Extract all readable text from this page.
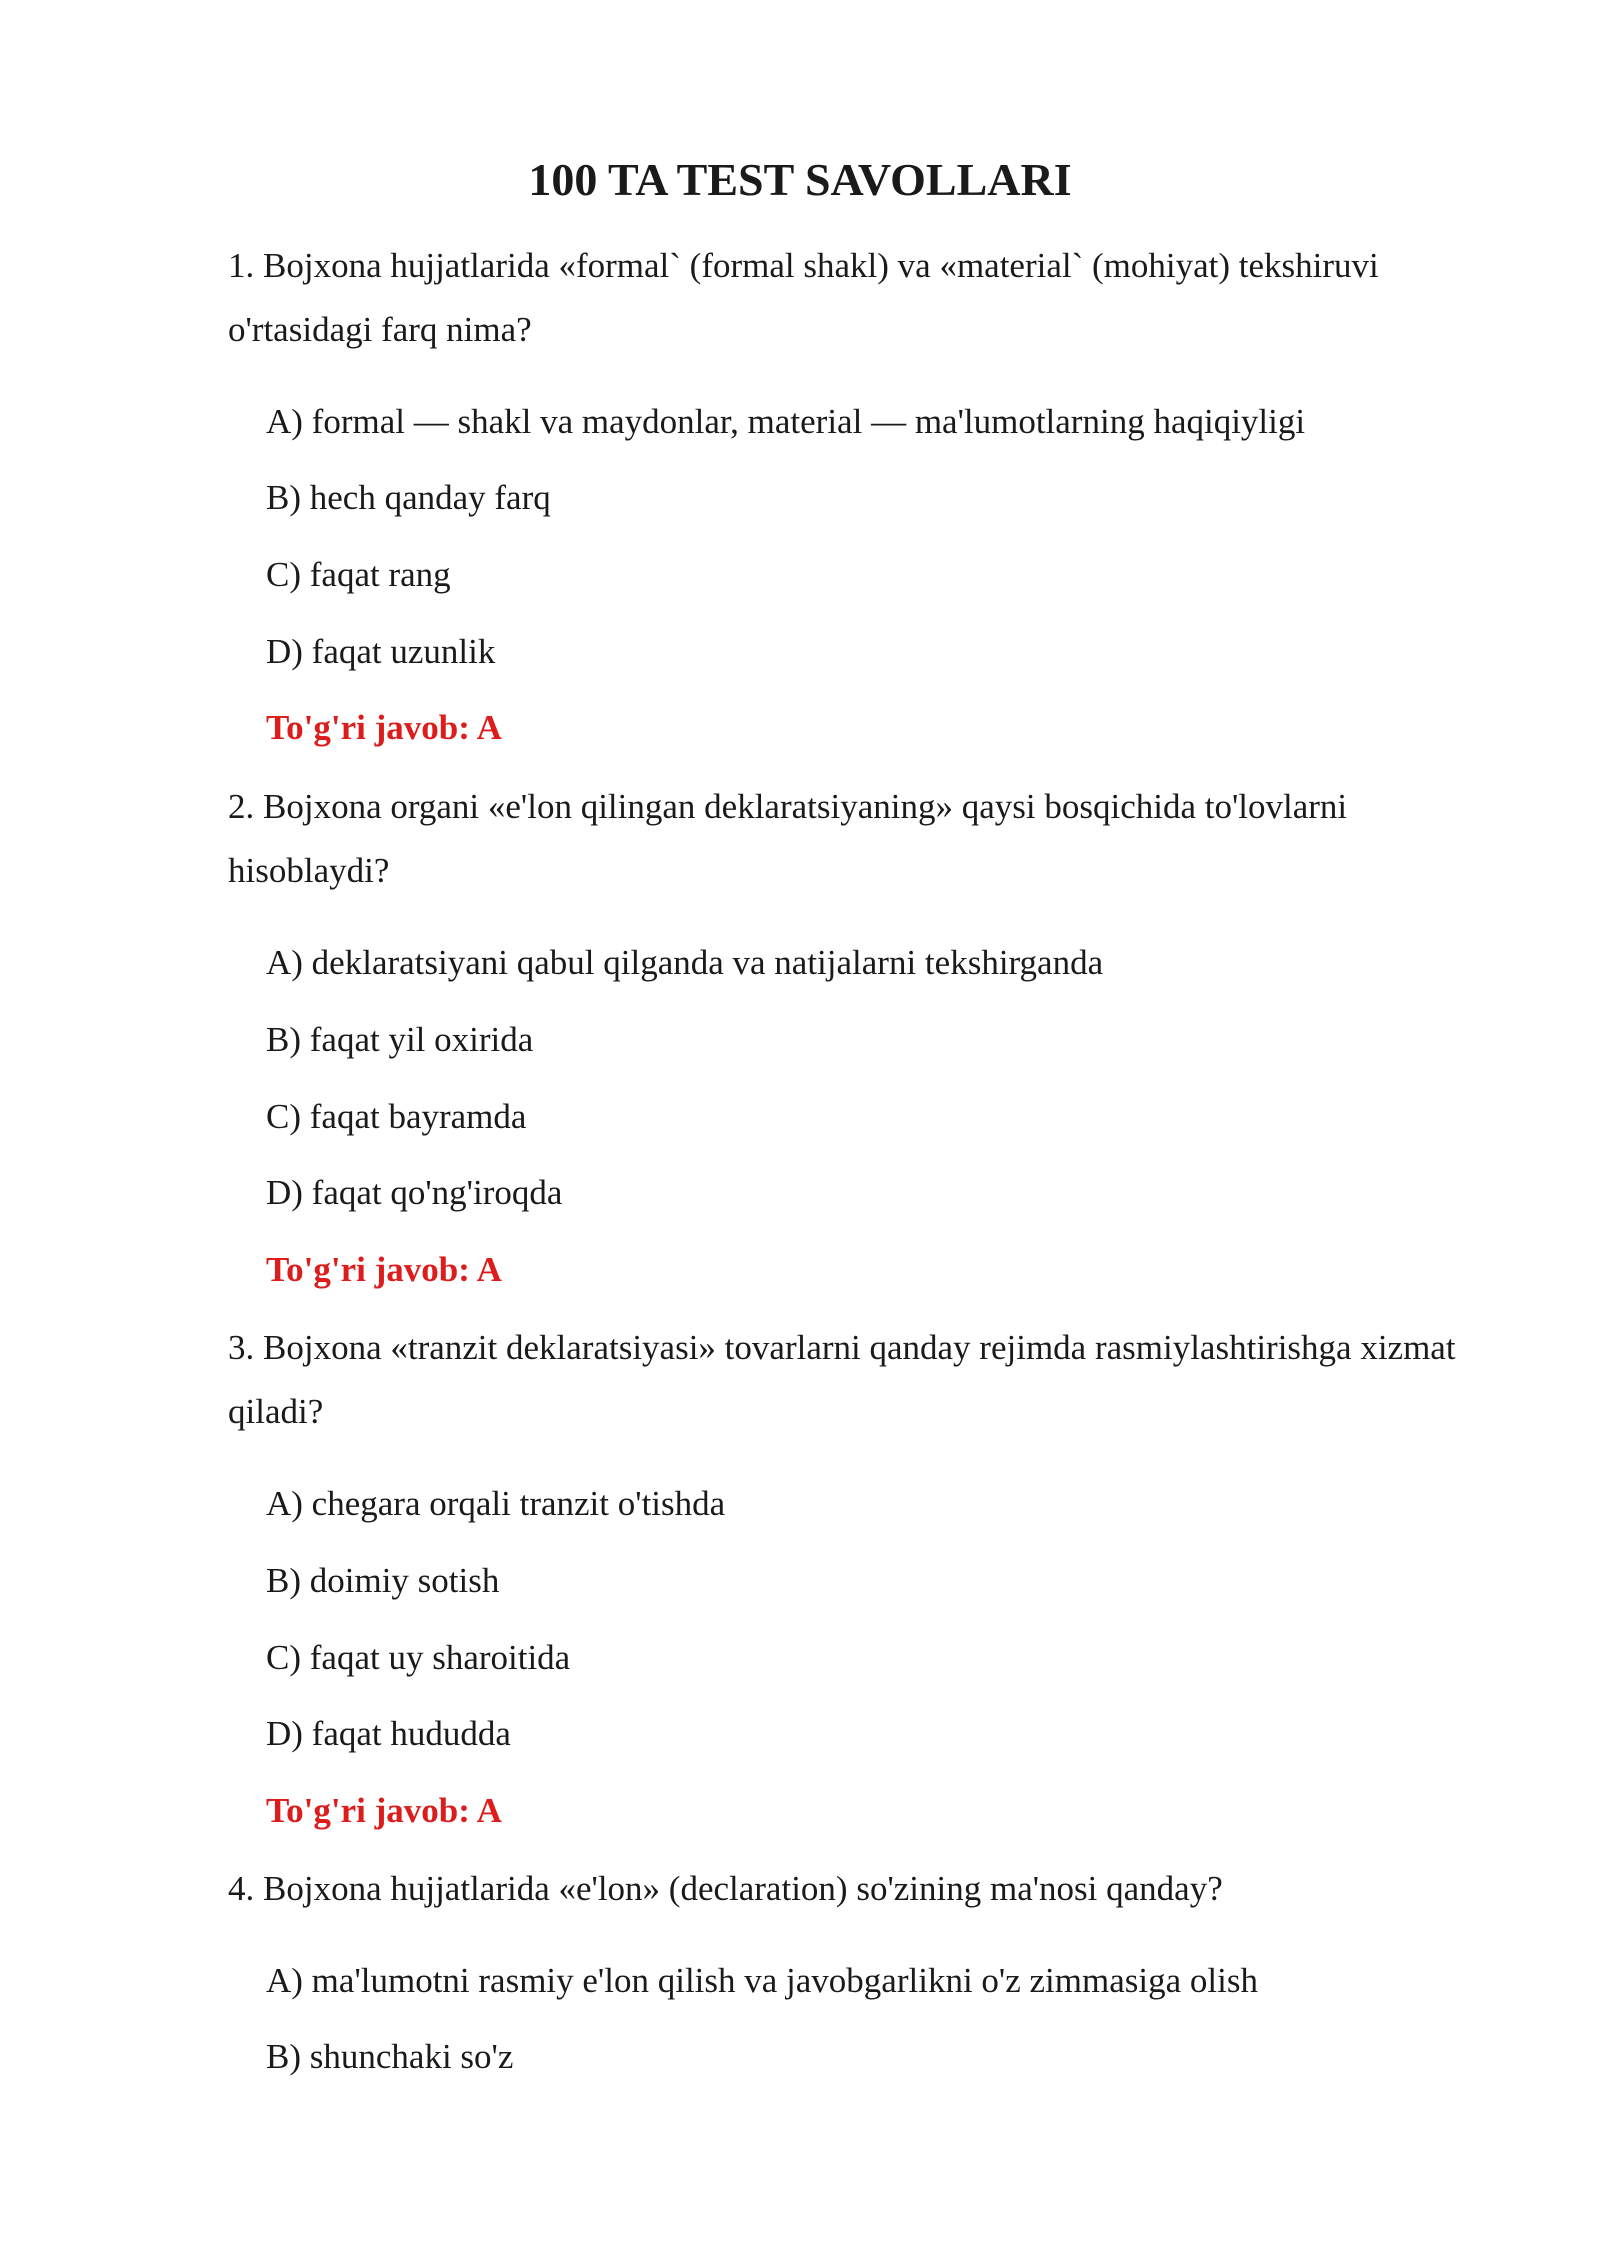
100 TA TEST SAVOLLARI

1. Bojxona hujjatlarida «formal` (formal shakl) va «material` (mohiyat) tekshiruvi o'rtasidagi farq nima?

A) formal — shakl va maydonlar, material — ma'lumotlarning haqiqiyligi

B) hech qanday farq

C) faqat rang

D) faqat uzunlik

To'g'ri javob: A

2. Bojxona organi «e'lon qilingan deklaratsiyaning» qaysi bosqichida to'lovlarni hisoblaydi?

A) deklaratsiyani qabul qilganda va natijalarni tekshirganda

B) faqat yil oxirida

C) faqat bayramda

D) faqat qo'ng'iroqda

To'g'ri javob: A

3. Bojxona «tranzit deklaratsiyasi» tovarlarni qanday rejimda rasmiylashtirishga xizmat qiladi?

A) chegara orqali tranzit o'tishda

B) doimiy sotish

C) faqat uy sharoitida

D) faqat hududda

To'g'ri javob: A

4. Bojxona hujjatlarida «e'lon» (declaration) so'zining ma'nosi qanday?

A) ma'lumotni rasmiy e'lon qilish va javobgarlikni o'z zimmasiga olish

B) shunchaki so'z
